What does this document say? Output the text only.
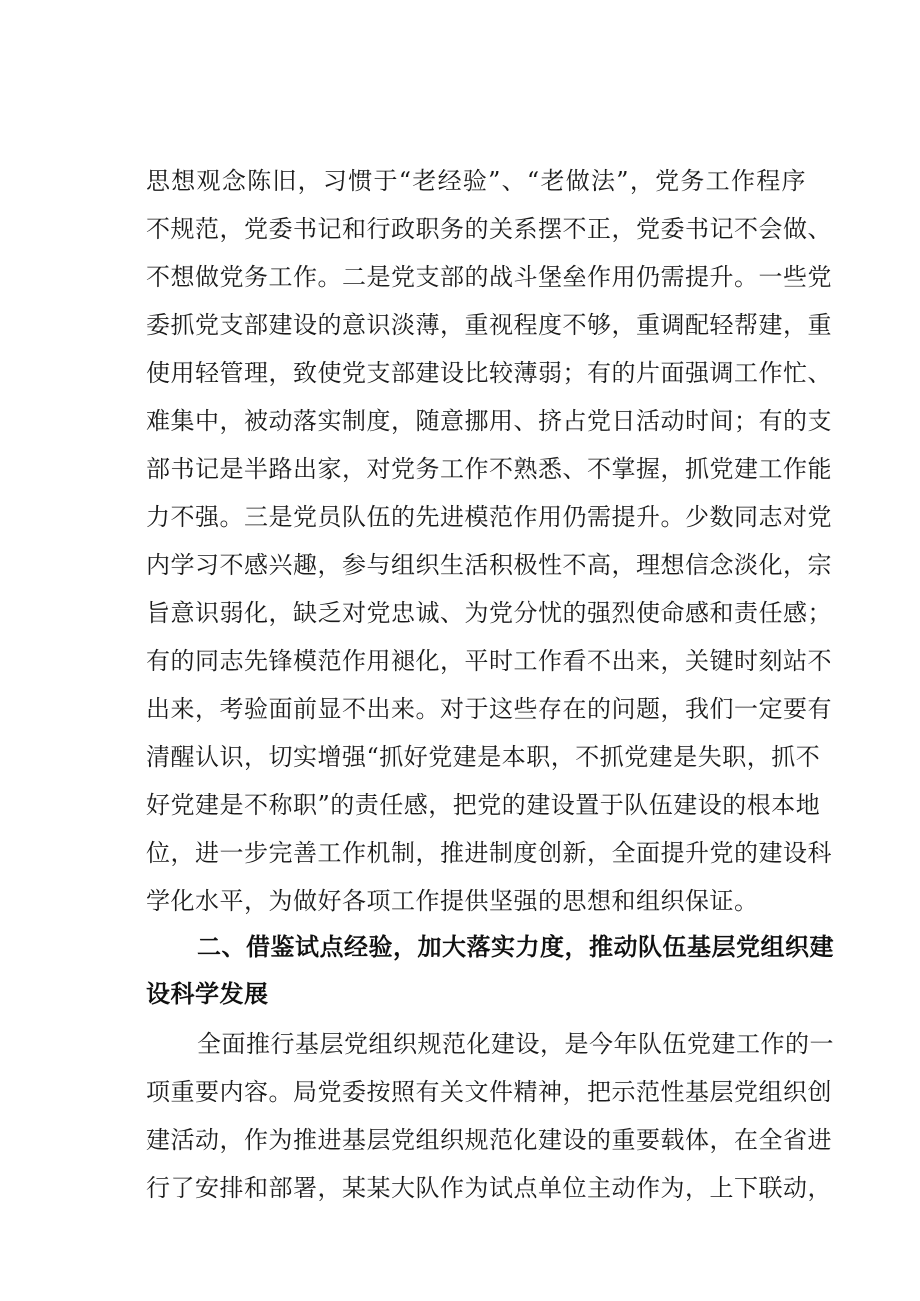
思想观念陈旧，习惯于“老经验”、“老做法”，党务工作程序
不规范，党委书记和行政职务的关系摆不正，党委书记不会做、
不想做党务工作。二是党支部的战斗堡垒作用仍需提升。一些党
委抓党支部建设的意识淡薄，重视程度不够，重调配轻帮建，重
使用轻管理，致使党支部建设比较薄弱；有的片面强调工作忙、
难集中，被动落实制度，随意挪用、挤占党日活动时间；有的支
部书记是半路出家，对党务工作不熟悉、不掌握，抓党建工作能
力不强。三是党员队伍的先进模范作用仍需提升。少数同志对党
内学习不感兴趣，参与组织生活积极性不高，理想信念淡化，宗
旨意识弱化，缺乏对党忠诚、为党分忧的强烈使命感和责任感；
有的同志先锋模范作用褪化，平时工作看不出来，关键时刻站不
出来，考验面前显不出来。对于这些存在的问题，我们一定要有
清醒认识，切实增强“抓好党建是本职，不抓党建是失职，抓不
好党建是不称职”的责任感，把党的建设置于队伍建设的根本地
位，进一步完善工作机制，推进制度创新，全面提升党的建设科
学化水平，为做好各项工作提供坚强的思想和组织保证。
二、借鉴试点经验，加大落实力度，推动队伍基层党组织建
设科学发展
全面推行基层党组织规范化建设，是今年队伍党建工作的一
项重要内容。局党委按照有关文件精神，把示范性基层党组织创
建活动，作为推进基层党组织规范化建设的重要载体，在全省进
行了安排和部署，某某大队作为试点单位主动作为，上下联动，
